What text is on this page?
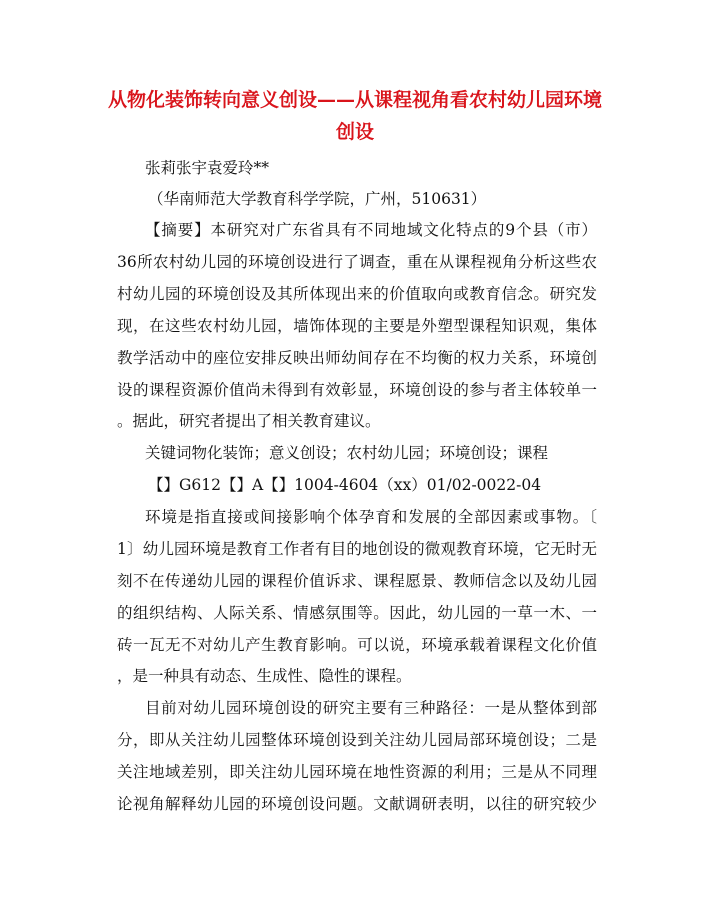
从物化装饰转向意义创设——从课程视角看农村幼儿园环境
创设

张莉张宇袁爱玲**

（华南师范大学教育科学学院，广州，510631）

【摘要】本研究对广东省具有不同地域文化特点的9个县（市）

36所农村幼儿园的环境创设进行了调查，重在从课程视角分析这些农

村幼儿园的环境创设及其所体现出来的价值取向或教育信念。研究发

现，在这些农村幼儿园，墙饰体现的主要是外塑型课程知识观，集体

教学活动中的座位安排反映出师幼间存在不均衡的权力关系，环境创

设的课程资源价值尚未得到有效彰显，环境创设的参与者主体较单一

。据此，研究者提出了相关教育建议。

关键词物化装饰；意义创设；农村幼儿园；环境创设；课程

【】G612【】A【】1004-4604（xx）01/02-0022-04

环境是指直接或间接影响个体孕育和发展的全部因素或事物。〔

1〕幼儿园环境是教育工作者有目的地创设的微观教育环境，它无时无

刻不在传递幼儿园的课程价值诉求、课程愿景、教师信念以及幼儿园

的组织结构、人际关系、情感氛围等。因此，幼儿园的一草一木、一

砖一瓦无不对幼儿产生教育影响。可以说，环境承载着课程文化价值

，是一种具有动态、生成性、隐性的课程。

目前对幼儿园环境创设的研究主要有三种路径：一是从整体到部

分，即从关注幼儿园整体环境创设到关注幼儿园局部环境创设；二是

关注地域差别，即关注幼儿园环境在地性资源的利用；三是从不同理

论视角解释幼儿园的环境创设问题。文献调研表明，以往的研究较少
